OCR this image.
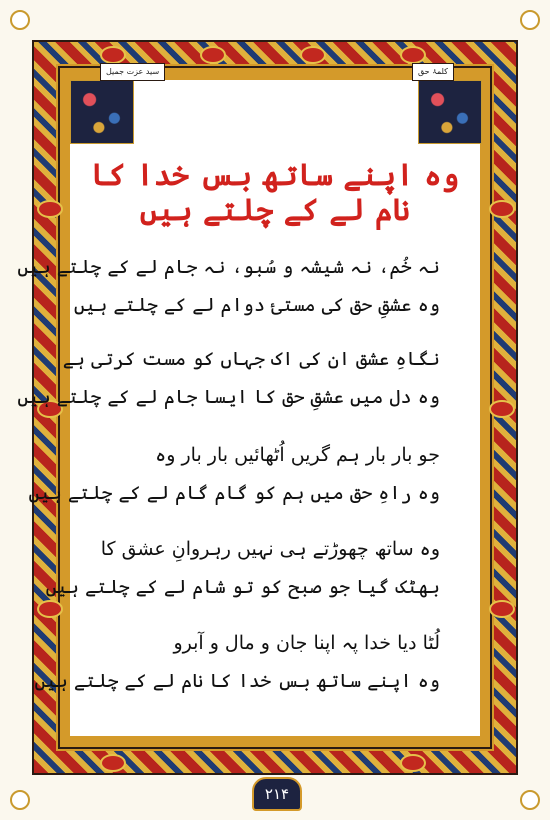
سید عزت جمیل	کلمۂ حق
وہ اپنے ساتھ بس خدا کا نام لے کے چلتے ہیں
نہ خُم، نہ شیشہ و سُبو، نہ جام لے کے چلتے ہیں
وہ عشقِ حق کی مستیٔ دوام لے کے چلتے ہیں
نگاہِ عشق ان کی اک جہاں کو مست کرتی ہے
وہ دل میں عشقِ حق کا ایسا جام لے کے چلتے ہیں
جو بار بار ہم گریں اُٹھائیں بار بار وہ
وہ راہِ حق میں ہم کو گام گام لے کے چلتے ہیں
وہ ساتھ چھوڑتے ہی نہیں رہروانِ عشق کا
بھٹک گیا جو صبح کو تو شام لے کے چلتے ہیں
لُٹا دیا خدا پہ اپنا جان و مال و آبرو
وہ اپنے ساتھ بس خدا کا نام لے کے چلتے ہیں
۲۱۴
